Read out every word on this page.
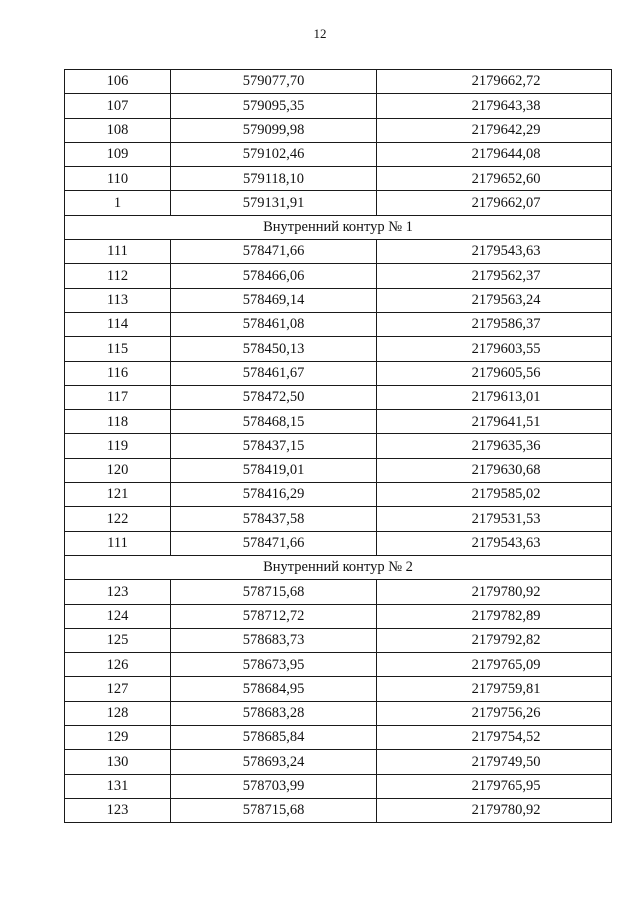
12
106	579077,70	2179662,72
107	579095,35	2179643,38
108	579099,98	2179642,29
109	579102,46	2179644,08
110	579118,10	2179652,60
1	579131,91	2179662,07
Внутренний контур № 1		
111	578471,66	2179543,63
112	578466,06	2179562,37
113	578469,14	2179563,24
114	578461,08	2179586,37
115	578450,13	2179603,55
116	578461,67	2179605,56
117	578472,50	2179613,01
118	578468,15	2179641,51
119	578437,15	2179635,36
120	578419,01	2179630,68
121	578416,29	2179585,02
122	578437,58	2179531,53
111	578471,66	2179543,63
Внутренний контур № 2		
123	578715,68	2179780,92
124	578712,72	2179782,89
125	578683,73	2179792,82
126	578673,95	2179765,09
127	578684,95	2179759,81
128	578683,28	2179756,26
129	578685,84	2179754,52
130	578693,24	2179749,50
131	578703,99	2179765,95
123	578715,68	2179780,92
